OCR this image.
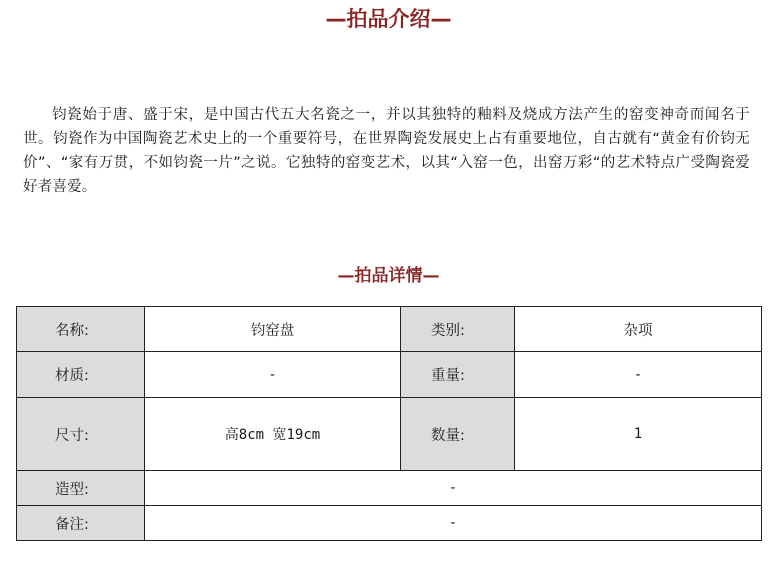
—拍品介绍—

钧瓷始于唐、盛于宋，是中国古代五大名瓷之一，并以其独特的釉料及烧成方法产生的窑变神奇而闻名于世。钧瓷作为中国陶瓷艺术史上的一个重要符号，在世界陶瓷发展史上占有重要地位，自古就有“黄金有价钧无价”、“家有万贯，不如钧瓷一片”之说。它独特的窑变艺术，以其“入窑一色，出窑万彩“的艺术特点广受陶瓷爱好者喜爱。

—拍品详情—
名称:	钧窑盘	类别:	杂项
材质:	-	重量:	-
尺寸:	高8cm 宽19cm	数量:	1
造型:	-		
备注:	-		
